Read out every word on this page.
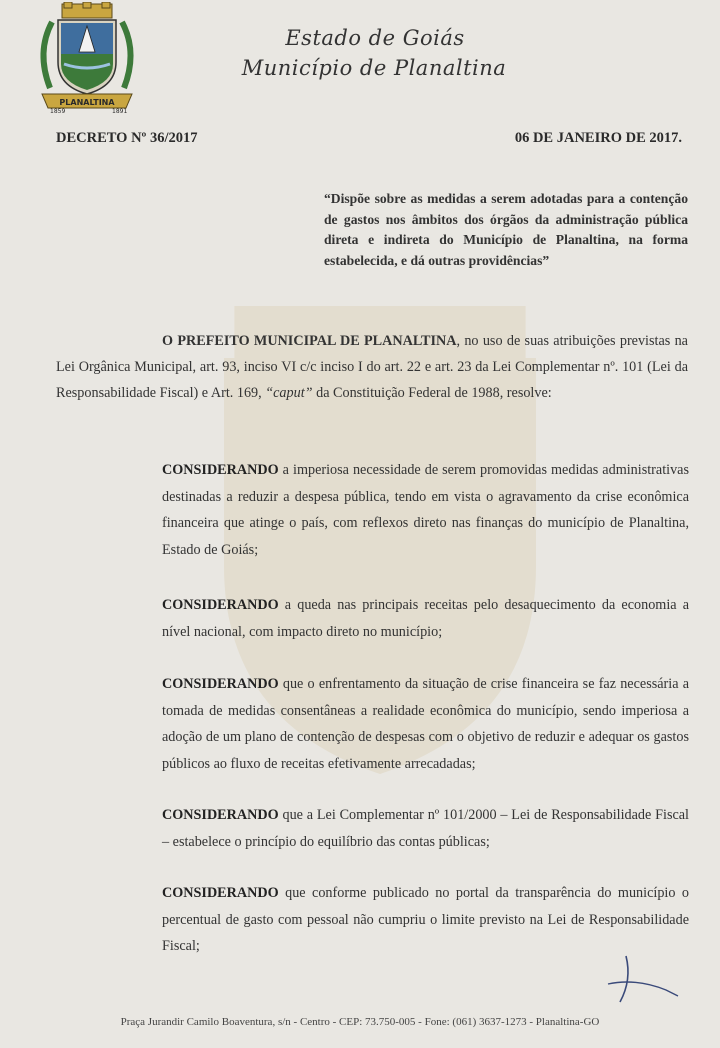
PLANALTINA
1859	1891
Estado de Goiás
Município de Planaltina
DECRETO Nº 36/2017	06 DE JANEIRO DE 2017.
“Dispõe sobre as medidas a serem adotadas para a contenção de gastos nos âmbitos dos órgãos da administração pública direta e indireta do Município de Planaltina, na forma estabelecida, e dá outras providências”
O PREFEITO MUNICIPAL DE PLANALTINA, no uso de suas atribuições previstas na Lei Orgânica Municipal, art. 93, inciso VI c/c inciso I do art. 22 e art. 23 da Lei Complementar nº. 101 (Lei da Responsabilidade Fiscal) e Art. 169, “caput” da Constituição Federal de 1988, resolve:
CONSIDERANDO a imperiosa necessidade de serem promovidas medidas administrativas destinadas a reduzir a despesa pública, tendo em vista o agravamento da crise econômica financeira que atinge o país, com reflexos direto nas finanças do município de Planaltina, Estado de Goiás;
CONSIDERANDO a queda nas principais receitas pelo desaquecimento da economia a nível nacional, com impacto direto no município;
CONSIDERANDO que o enfrentamento da situação de crise financeira se faz necessária a tomada de medidas consentâneas a realidade econômica do município, sendo imperiosa a adoção de um plano de contenção de despesas com o objetivo de reduzir e adequar os gastos públicos ao fluxo de receitas efetivamente arrecadadas;
CONSIDERANDO que a Lei Complementar nº 101/2000 – Lei de Responsabilidade Fiscal – estabelece o princípio do equilíbrio das contas públicas;
CONSIDERANDO que conforme publicado no portal da transparência do município o percentual de gasto com pessoal não cumpriu o limite previsto na Lei de Responsabilidade Fiscal;
Praça Jurandir Camilo Boaventura, s/n - Centro - CEP: 73.750-005 - Fone: (061) 3637-1273 - Planaltina-GO
